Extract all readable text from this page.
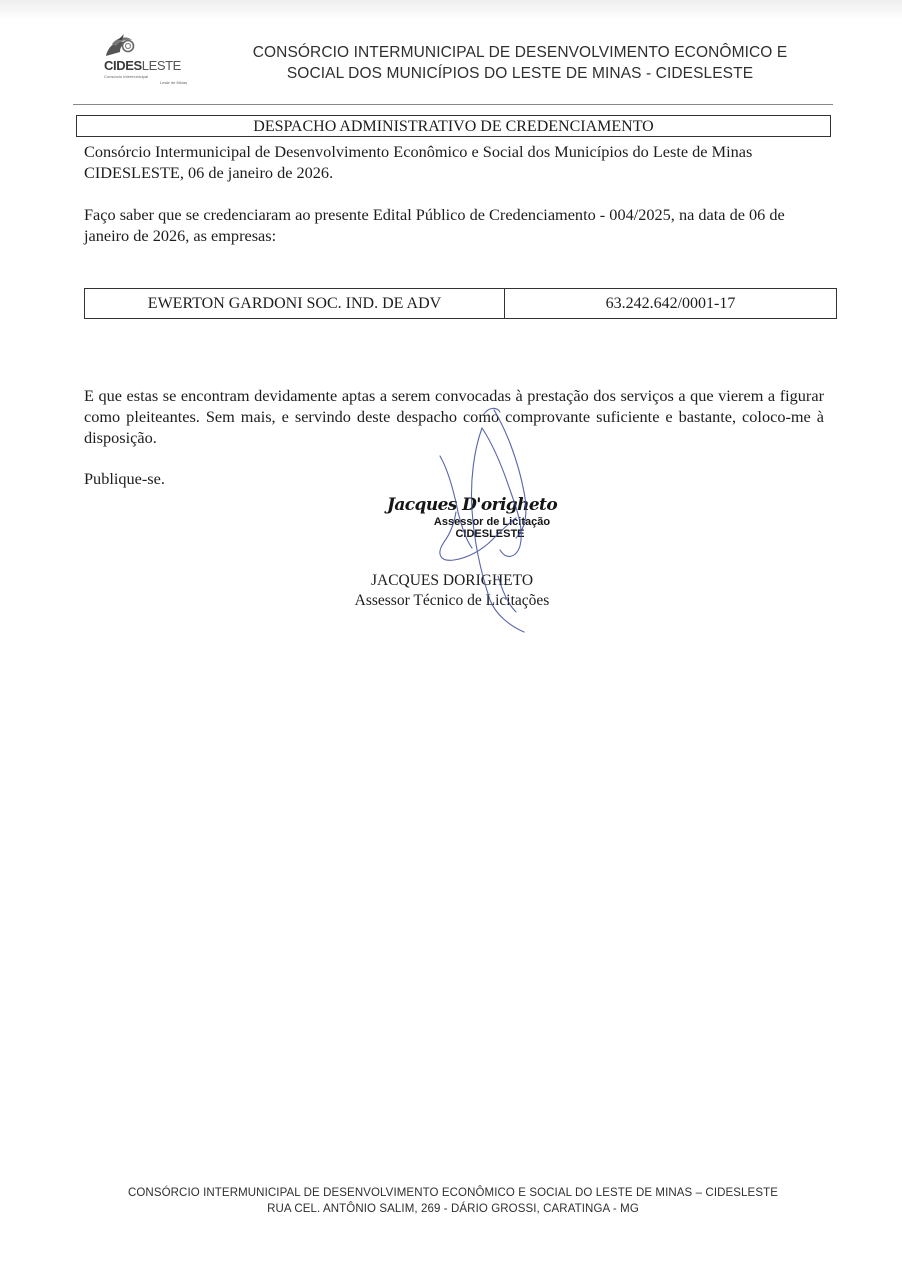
CIDESLESTE
Consórcio Intermunicipal
Leste de Minas
CONSÓRCIO INTERMUNICIPAL DE DESENVOLVIMENTO ECONÔMICO E
SOCIAL DOS MUNICÍPIOS DO LESTE DE MINAS - CIDESLESTE
DESPACHO ADMINISTRATIVO DE CREDENCIAMENTO
Consórcio Intermunicipal de Desenvolvimento Econômico e Social dos Municípios do Leste de Minas
CIDESLESTE, 06 de janeiro de 2026.
Faço saber que se credenciaram ao presente Edital Público de Credenciamento - 004/2025, na data de 06 de janeiro de 2026, as empresas:
EWERTON GARDONI SOC. IND. DE ADV	63.242.642/0001-17
E que estas se encontram devidamente aptas a serem convocadas à prestação dos serviços a que vierem a figurar como pleiteantes. Sem mais, e servindo deste despacho como comprovante suficiente e bastante, coloco-me à disposição.
Publique-se.
Jacques D'origheto
Assessor de Licitação
CIDESLESTE
JACQUES DORIGHETO
Assessor Técnico de Licitações
CONSÓRCIO INTERMUNICIPAL DE DESENVOLVIMENTO ECONÔMICO E SOCIAL DO LESTE DE MINAS – CIDESLESTE
RUA CEL. ANTÔNIO SALIM, 269 - DÁRIO GROSSI, CARATINGA - MG
